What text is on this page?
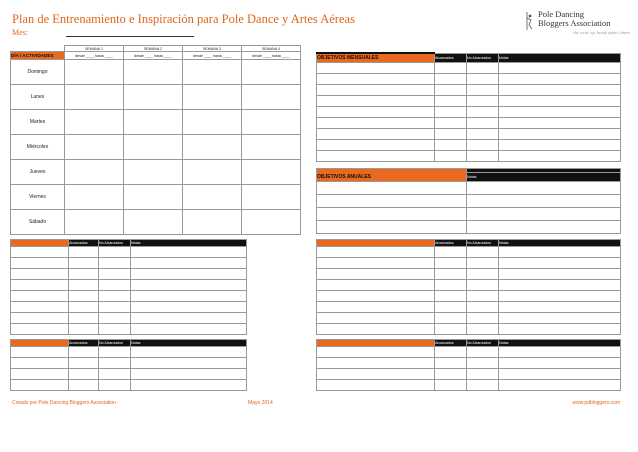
Plan de Entrenamiento e Inspiración para Pole Dance y Artes Aéreas
Mes:
Pole Dancing
Bloggers Association
the write up, break apart, share
	SEMANA 1	SEMANA 2	SEMANA 3	SEMANA 4
DÍA / ACTIVIDADES	desde ____ hasta ____	desde ____ hasta ____	desde ____ hasta ____	desde ____ hasta ____
Domingo				
Lunes				
Martes				
Miércoles				
Jueves				
Viernes				
Sábado				
OBJETIVOS MENSUALES	Alcanzados	No Alcanzados	Notas

OBJETIVOS ANUALES	Notas

	Alcanzados	No Alcanzados	Notas

		Alcanzados	No Alcanzados	Notas

	Alcanzados	No Alcanzados	Notas

		Alcanzados	No Alcanzados	Notas

Creado por Pole Dancing Bloggers Association	Mayo 2014	www.pdbloggers.com
